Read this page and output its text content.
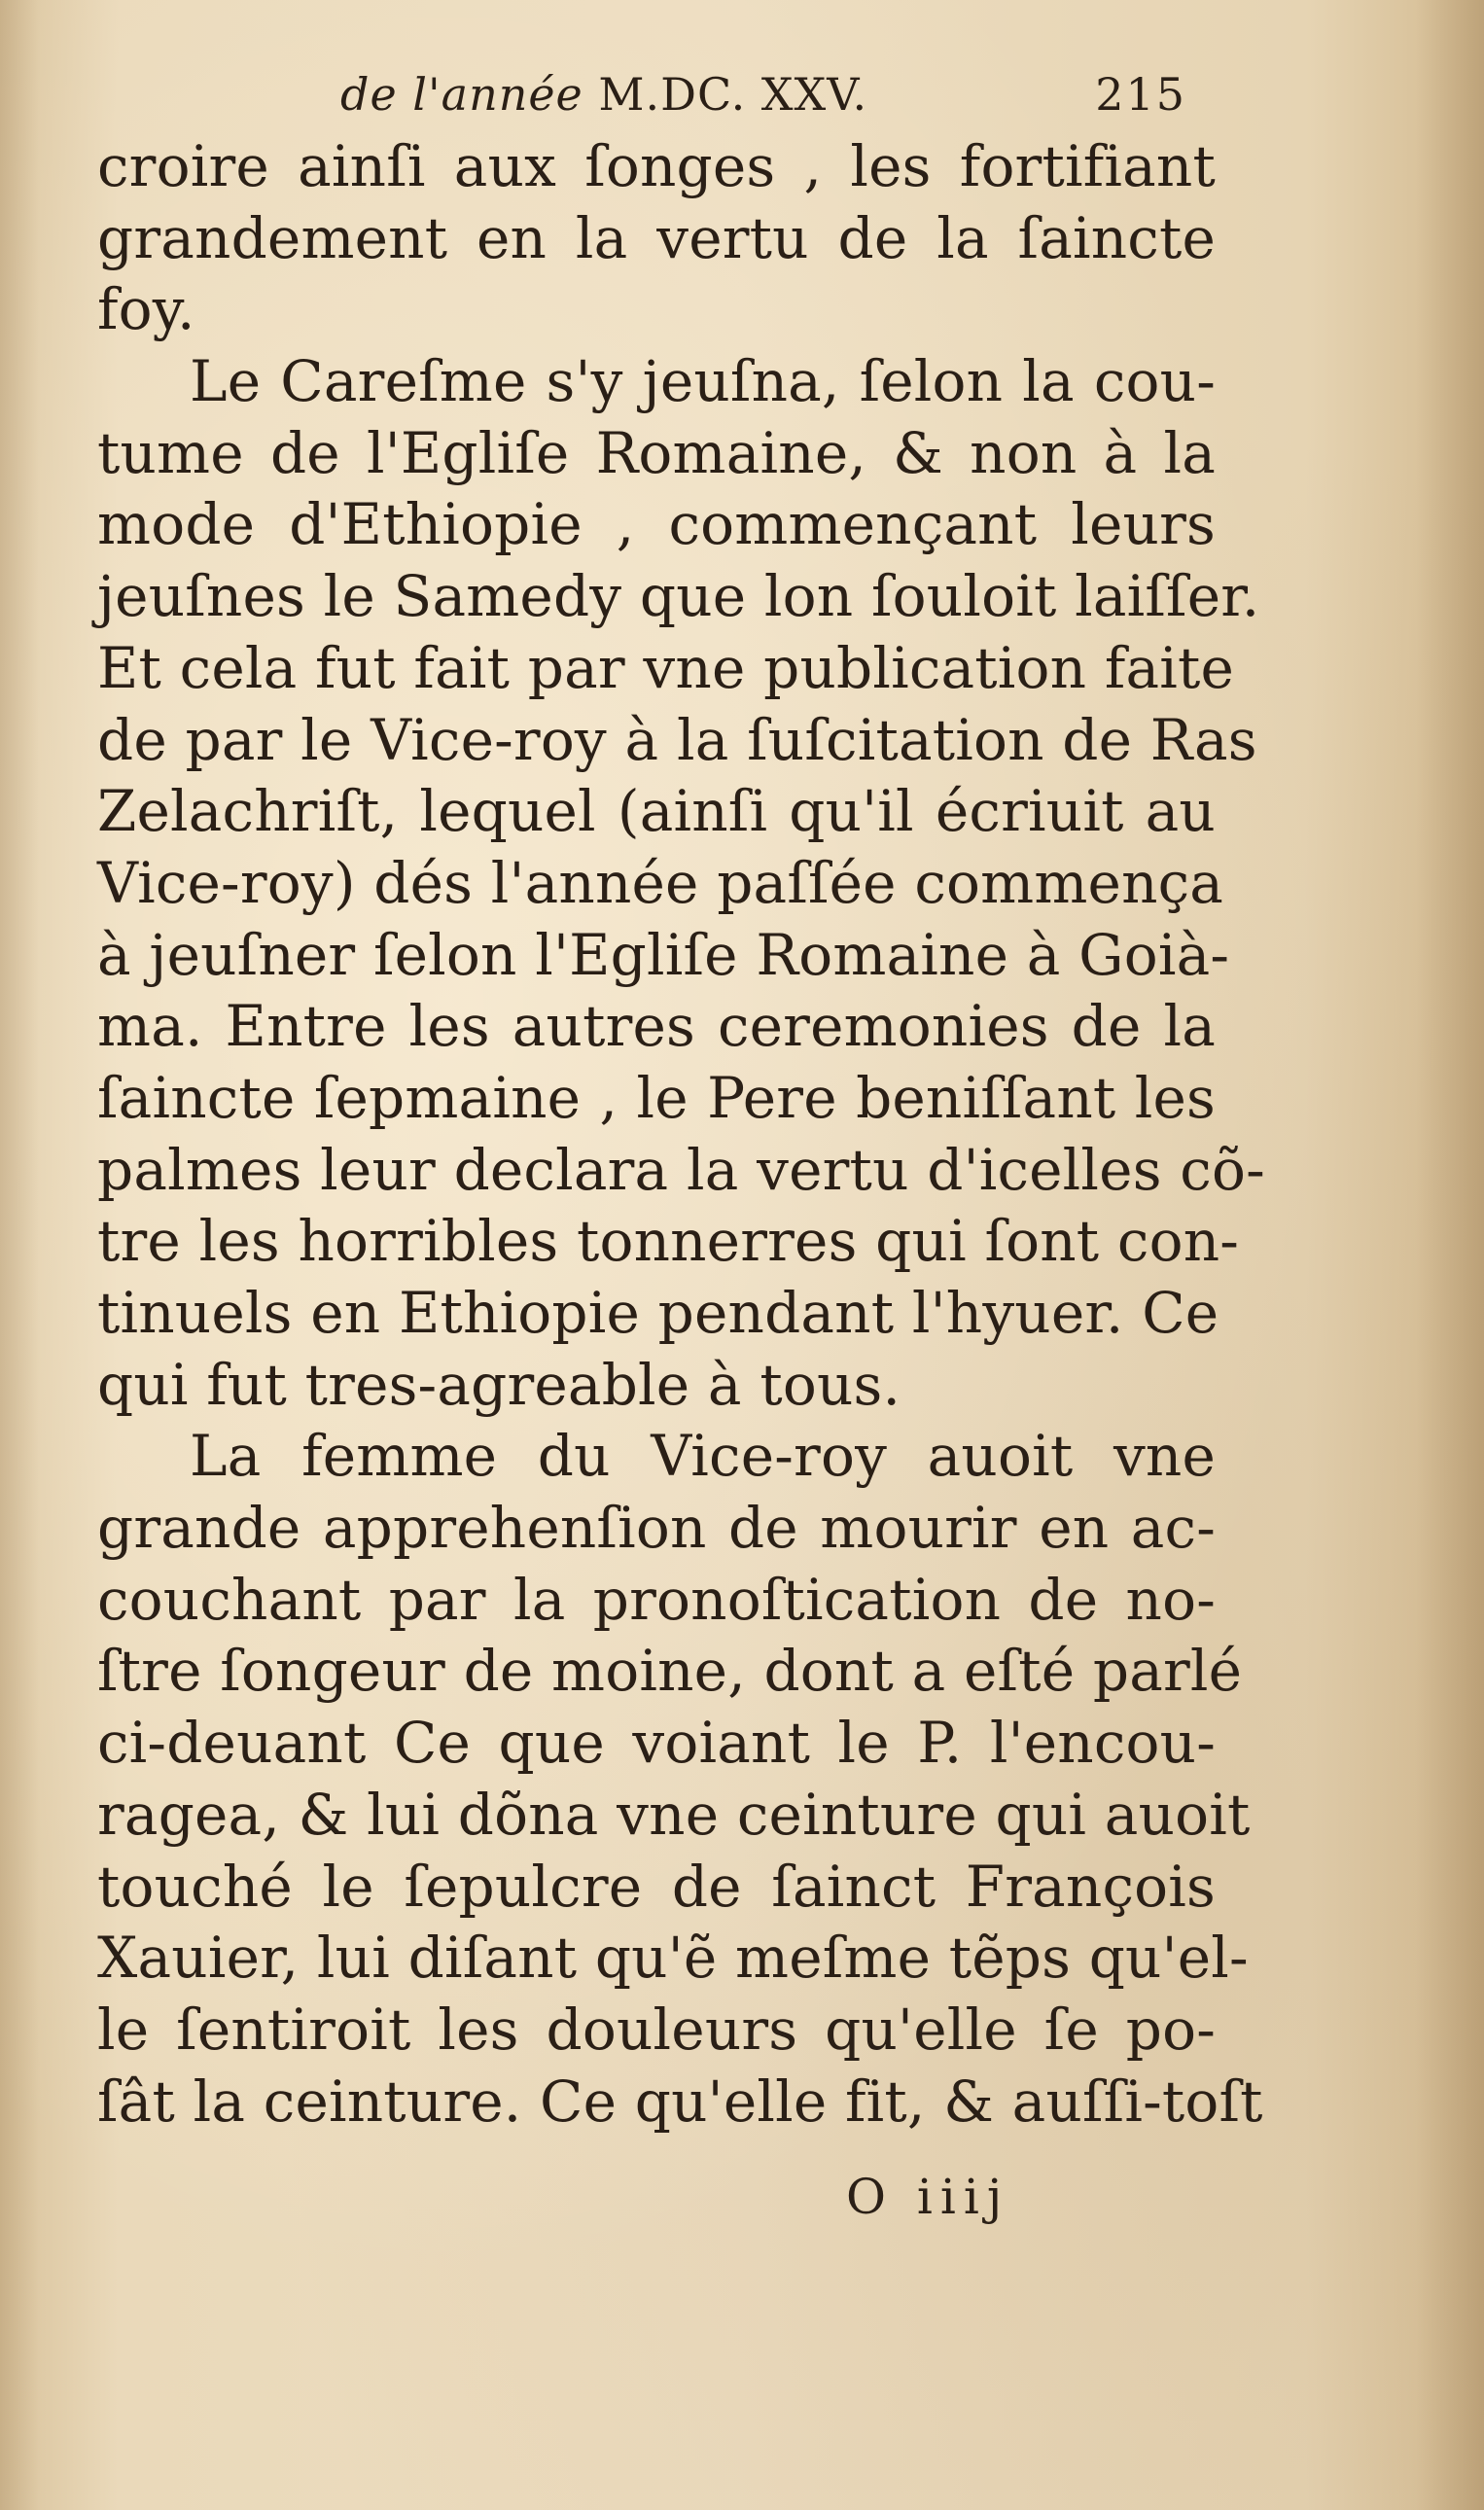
de l'année M.DC. XXV.	215
croire ainſi aux ſonges , les fortifiant
grandement en la vertu de la ſaincte
foy.
Le Careſme s'y jeuſna, ſelon la cou-
tume de l'Egliſe Romaine, & non à la
mode d'Ethiopie , commençant leurs
jeuſnes le Samedy que lon ſouloit laiſſer.
Et cela fut fait par vne publication faite
de par le Vice-roy à la ſuſcitation de Ras
Zelachriſt, lequel (ainſi qu'il écriuit au
Vice-roy) dés l'année paſſée commença
à jeuſner ſelon l'Egliſe Romaine à Goià-
ma. Entre les autres ceremonies de la
ſaincte ſepmaine , le Pere beniſſant les
palmes leur declara la vertu d'icelles cõ-
tre les horribles tonnerres qui ſont con-
tinuels en Ethiopie pendant l'hyuer. Ce
qui fut tres-agreable à tous.
La femme du Vice-roy auoit vne
grande apprehenſion de mourir en ac-
couchant par la pronoſtication de no-
ſtre ſongeur de moine, dont a eſté parlé
ci-deuant Ce que voiant le P. l'encou-
ragea, & lui dõna vne ceinture qui auoit
touché le ſepulcre de ſainct François
Xauier, lui diſant qu'ẽ meſme tẽps qu'el-
le ſentiroit les douleurs qu'elle ſe po-
ſât la ceinture. Ce qu'elle fit, & auſſi-toſt
O iiij
